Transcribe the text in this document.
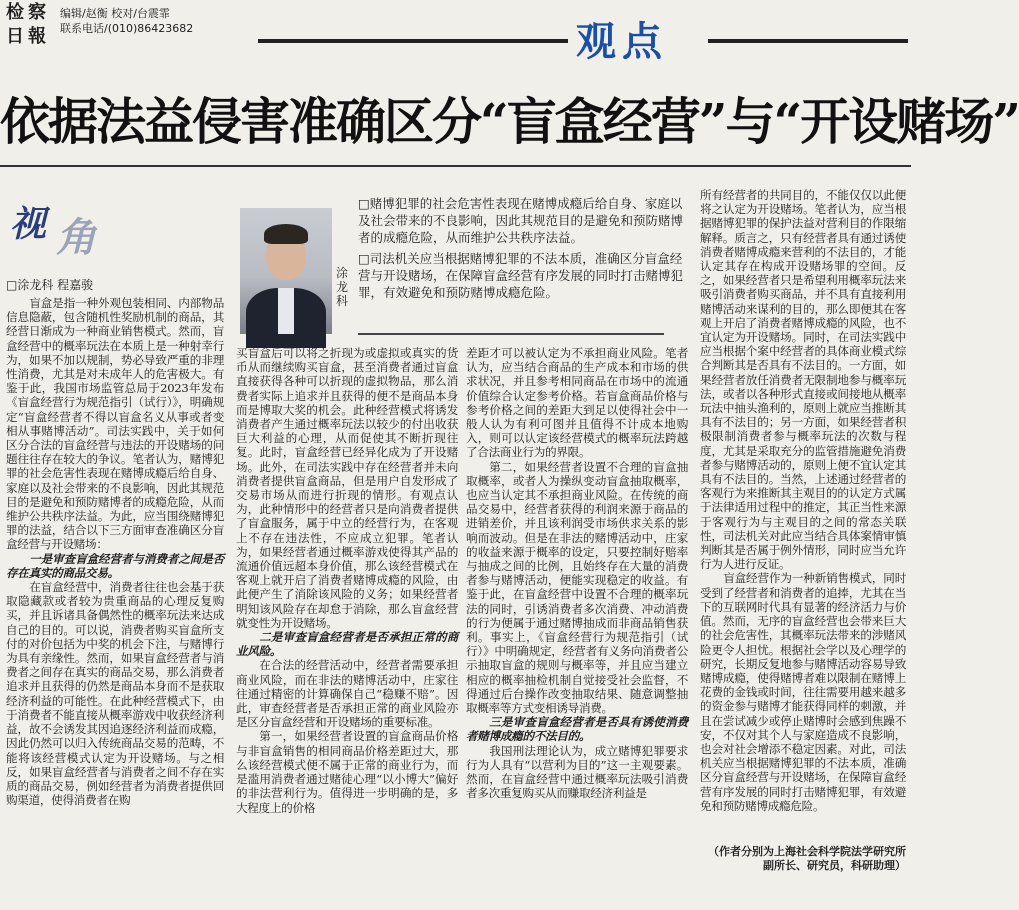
检 察
日 報
编辑/赵衡 校对/台震霏
联系电话/(010)86423682	观点
依据法益侵害准确区分“盲盒经营”与“开设赌场”
视 角
□涂龙科 程嘉骏
涂龙科

□赌博犯罪的社会危害性表现在赌博成瘾后给自身、家庭以及社会带来的不良影响，因此其规范目的是避免和预防赌博者的成瘾危险，从而维护公共秩序法益。

□司法机关应当根据赌博犯罪的不法本质，准确区分盲盒经营与开设赌场，在保障盲盒经营有序发展的同时打击赌博犯罪，有效避免和预防赌博成瘾危险。

盲盒是指一种外观包装相同、内部物品信息隐蔽，包含随机性奖励机制的商品，其经营日渐成为一种商业销售模式。然而，盲盒经营中的概率玩法在本质上是一种射幸行为，如果不加以规制，势必导致严重的非理性消费，尤其是对未成年人的危害极大。有鉴于此，我国市场监管总局于2023年发布《盲盒经营行为规范指引（试行）》，明确规定“盲盒经营者不得以盲盒名义从事或者变相从事赌博活动”。司法实践中，关于如何区分合法的盲盒经营与违法的开设赌场的问题往往存在较大的争议。笔者认为，赌博犯罪的社会危害性表现在赌博成瘾后给自身、家庭以及社会带来的不良影响，因此其规范目的是避免和预防赌博者的成瘾危险，从而维护公共秩序法益。为此，应当围绕赌博犯罪的法益，结合以下三方面审查准确区分盲盒经营与开设赌场：

一是审查盲盒经营者与消费者之间是否存在真实的商品交易。

在盲盒经营中，消费者往往也会基于获取隐藏款或者较为贵重商品的心理反复购买，并且诉诸具备偶然性的概率玩法来达成自己的目的。可以说，消费者购买盲盒所支付的对价包括为中奖的机会下注，与赌博行为具有亲缘性。然而，如果盲盒经营者与消费者之间存在真实的商品交易，那么消费者追求并且获得的仍然是商品本身而不是获取经济利益的可能性。在此种经营模式下，由于消费者不能直接从概率游戏中收获经济利益，故不会诱发其因追逐经济利益而成瘾，因此仍然可以归入传统商品交易的范畴，不能将该经营模式认定为开设赌场。与之相反，如果盲盒经营者与消费者之间不存在实质的商品交易，例如经营者为消费者提供回购渠道，使得消费者在购

买盲盒后可以将之折现为或虚拟或真实的货币从而继续购买盲盒，甚至消费者通过盲盒直接获得各种可以折现的虚拟物品，那么消费者实际上追求并且获得的便不是商品本身而是博取大奖的机会。此种经营模式将诱发消费者产生通过概率玩法以较少的付出收获巨大利益的心理，从而促使其不断折现往复。此时，盲盒经营已经异化成为了开设赌场。此外，在司法实践中存在经营者并未向消费者提供盲盒商品，但是用户自发形成了交易市场从而进行折现的情形。有观点认为，此种情形中的经营者只是向消费者提供了盲盒服务，属于中立的经营行为，在客观上不存在违法性，不应成立犯罪。笔者认为，如果经营者通过概率游戏使得其产品的流通价值远超本身价值，那么该经营模式在客观上就开启了消费者赌博成瘾的风险，由此便产生了消除该风险的义务；如果经营者明知该风险存在却怠于消除，那么盲盒经营就变性为开设赌场。

二是审查盲盒经营者是否承担正常的商业风险。

在合法的经营活动中，经营者需要承担商业风险，而在非法的赌博活动中，庄家往往通过精密的计算确保自己“稳赚不赔”。因此，审查经营者是否承担正常的商业风险亦是区分盲盒经营和开设赌场的重要标准。

第一，如果经营者设置的盲盒商品价格与非盲盒销售的相同商品价格差距过大，那么该经营模式便不属于正常的商业行为，而是滥用消费者通过赌徒心理“以小博大”偏好的非法营利行为。值得进一步明确的是，多大程度上的价格

差距才可以被认定为不承担商业风险。笔者认为，应当结合商品的生产成本和市场的供求状况，并且参考相同商品在市场中的流通价值综合认定参考价格。若盲盒商品价格与参考价格之间的差距大到足以使得社会中一般人认为有利可图并且值得不计成本地购入，则可以认定该经营模式的概率玩法跨越了合法商业行为的界限。

第二，如果经营者设置不合理的盲盒抽取概率，或者人为操纵变动盲盒抽取概率，也应当认定其不承担商业风险。在传统的商品交易中，经营者获得的利润来源于商品的进销差价，并且该利润受市场供求关系的影响而波动。但是在非法的赌博活动中，庄家的收益来源于概率的设定，只要控制好赔率与抽成之间的比例，且始终存在大量的消费者参与赌博活动，便能实现稳定的收益。有鉴于此，在盲盒经营中设置不合理的概率玩法的同时，引诱消费者多次消费、冲动消费的行为便属于通过赌博抽成而非商品销售获利。事实上，《盲盒经营行为规范指引（试行）》中明确规定，经营者有义务向消费者公示抽取盲盒的规则与概率等，并且应当建立相应的概率抽检机制自觉接受社会监督，不得通过后台操作改变抽取结果、随意调整抽取概率等方式变相诱导消费。

三是审查盲盒经营者是否具有诱使消费者赌博成瘾的不法目的。

我国刑法理论认为，成立赌博犯罪要求行为人具有“以营利为目的”这一主观要素。然而，在盲盒经营中通过概率玩法吸引消费者多次重复购买从而赚取经济利益是

所有经营者的共同目的，不能仅仅以此便将之认定为开设赌场。笔者认为，应当根据赌博犯罪的保护法益对营利目的作限缩解释。质言之，只有经营者具有通过诱使消费者赌博成瘾来营利的不法目的，才能认定其存在构成开设赌场罪的空间。反之，如果经营者只是希望利用概率玩法来吸引消费者购买商品，并不具有直接利用赌博活动来谋利的目的，那么即便其在客观上开启了消费者赌博成瘾的风险，也不宜认定为开设赌场。同时，在司法实践中应当根据个案中经营者的具体商业模式综合判断其是否具有不法目的。一方面，如果经营者放任消费者无限制地参与概率玩法，或者以各种形式直接或间接地从概率玩法中抽头渔利的，原则上就应当推断其具有不法目的；另一方面，如果经营者积极限制消费者参与概率玩法的次数与程度，尤其是采取充分的监管措施避免消费者参与赌博活动的，原则上便不宜认定其具有不法目的。当然，上述通过经营者的客观行为来推断其主观目的的认定方式属于法律适用过程中的推定，其正当性来源于客观行为与主观目的之间的常态关联性，司法机关对此应当结合具体案情审慎判断其是否属于例外情形，同时应当允许行为人进行反证。

盲盒经营作为一种新销售模式，同时受到了经营者和消费者的追捧，尤其在当下的互联网时代具有显著的经济活力与价值。然而，无序的盲盒经营也会带来巨大的社会危害性，其概率玩法带来的涉赌风险更令人担忧。根据社会学以及心理学的研究，长期反复地参与赌博活动容易导致赌博成瘾，使得赌博者难以限制在赌博上花费的金钱或时间，往往需要用越来越多的资金参与赌博才能获得同样的刺激，并且在尝试减少或停止赌博时会感到焦躁不安，不仅对其个人与家庭造成不良影响，也会对社会增添不稳定因素。对此，司法机关应当根据赌博犯罪的不法本质，准确区分盲盒经营与开设赌场，在保障盲盒经营有序发展的同时打击赌博犯罪，有效避免和预防赌博成瘾危险。

（作者分别为上海社会科学院法学研究所副所长、研究员，科研助理）
